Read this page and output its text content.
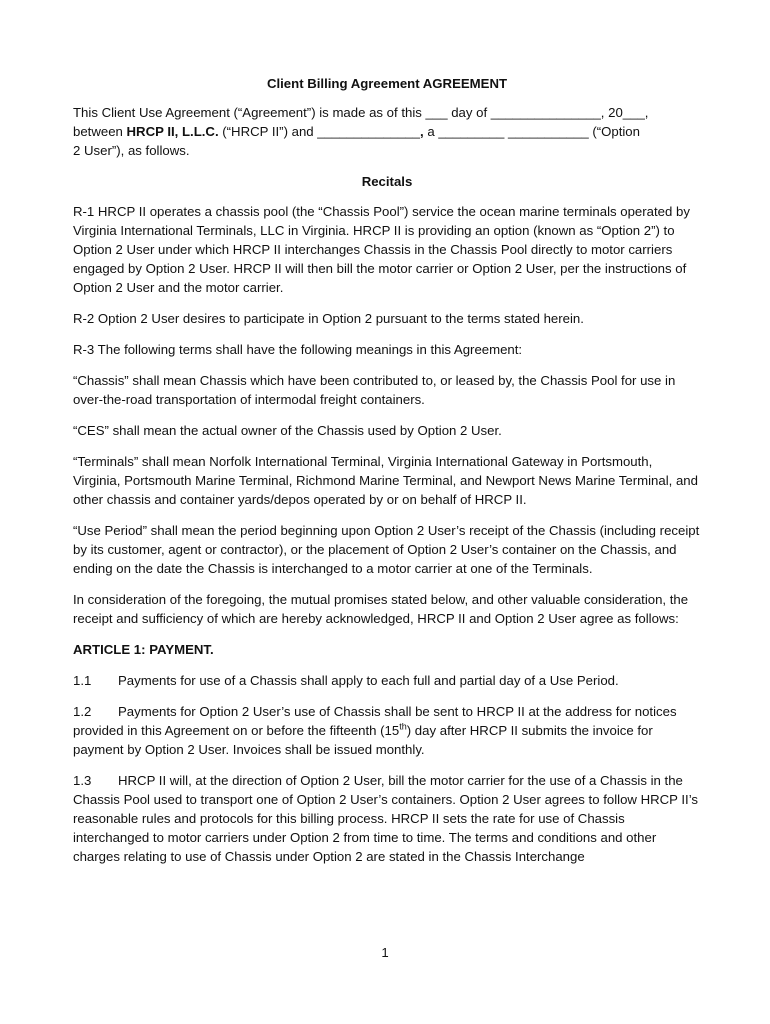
Client Billing Agreement AGREEMENT

This Client Use Agreement (“Agreement”) is made as of this ___ day of _______________, 20___,
between HRCP II, L.L.C. (“HRCP II”) and ______________, a _________ ___________ (“Option
2 User”), as follows.

Recitals

R-1 HRCP II operates a chassis pool (the “Chassis Pool”) service the ocean marine terminals operated by Virginia International Terminals, LLC in Virginia. HRCP II is providing an option (known as “Option 2”) to Option 2 User under which HRCP II interchanges Chassis in the Chassis Pool directly to motor carriers engaged by Option 2 User. HRCP II will then bill the motor carrier or Option 2 User, per the instructions of Option 2 User and the motor carrier.

R-2 Option 2 User desires to participate in Option 2 pursuant to the terms stated herein.

R-3 The following terms shall have the following meanings in this Agreement:

“Chassis” shall mean Chassis which have been contributed to, or leased by, the Chassis Pool for use in over-the-road transportation of intermodal freight containers.

“CES” shall mean the actual owner of the Chassis used by Option 2 User.

“Terminals” shall mean Norfolk International Terminal, Virginia International Gateway in Portsmouth, Virginia, Portsmouth Marine Terminal, Richmond Marine Terminal, and Newport News Marine Terminal, and other chassis and container yards/depos operated by or on behalf of HRCP II.

“Use Period” shall mean the period beginning upon Option 2 User’s receipt of the Chassis (including receipt by its customer, agent or contractor), or the placement of Option 2 User’s container on the Chassis, and ending on the date the Chassis is interchanged to a motor carrier at one of the Terminals.

In consideration of the foregoing, the mutual promises stated below, and other valuable consideration, the receipt and sufficiency of which are hereby acknowledged, HRCP II and Option 2 User agree as follows:

ARTICLE 1: PAYMENT.

1.1 Payments for use of a Chassis shall apply to each full and partial day of a Use Period.

1.2 Payments for Option 2 User’s use of Chassis shall be sent to HRCP II at the address for notices provided in this Agreement on or before the fifteenth (15th) day after HRCP II submits the invoice for payment by Option 2 User. Invoices shall be issued monthly.

1.3 HRCP II will, at the direction of Option 2 User, bill the motor carrier for the use of a Chassis in the Chassis Pool used to transport one of Option 2 User’s containers. Option 2 User agrees to follow HRCP II’s reasonable rules and protocols for this billing process. HRCP II sets the rate for use of Chassis interchanged to motor carriers under Option 2 from time to time. The terms and conditions and other charges relating to use of Chassis under Option 2 are stated in the Chassis Interchange

1
